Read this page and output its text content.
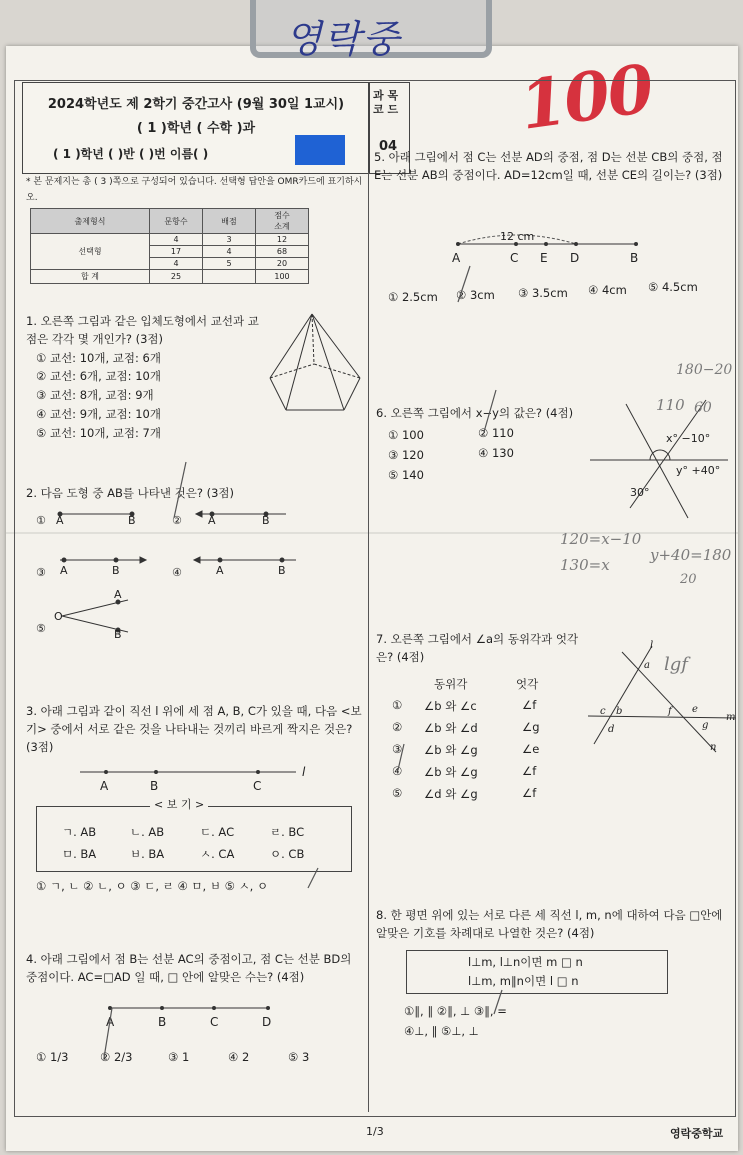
영락중
100
2024학년도 제 2학기 중간고사 (9월 30일 1교시)
( 1 )학년 ( 수학 )과
( 1 )학년 ( )반 ( )번 이름( )
과 목
코 드
04
* 본 문제지는 총 ( 3 )쪽으로 구성되어 있습니다. 선택형 답안을 OMR카드에 표기하시오.
출제형식	문항수	배점	점수
소계
선택형	4	3	12
	17	4	68
	4	5	20
합 계	25		100
1. 오른쪽 그림과 같은 입체도형에서 교선과 교점은 각각 몇 개인가? (3점)
① 교선: 10개, 교점: 6개
② 교선: 6개, 교점: 10개
③ 교선: 8개, 교점: 9개
④ 교선: 9개, 교점: 10개
⑤ 교선: 10개, 교점: 7개
2. 다음 도형 중 AB를 나타낸 것은? (3점)
① A	B	② A	B
③ A	B	④	A	B
⑤
O
A
B
3. 아래 그림과 같이 직선 l 위에 세 점 A, B, C가 있을 때, 다음 <보기> 중에서 서로 같은 것을 나타내는 것끼리 바르게 짝지은 것은? (3점)
A	B	C
l
< 보 기 >
ㄱ. AB	ㄴ. AB	ㄷ. AC	ㄹ. BC
ㅁ. BA	ㅂ. BA	ㅅ. CA	ㅇ. CB
① ㄱ, ㄴ ② ㄴ, ㅇ ③ ㄷ, ㄹ ④ ㅁ, ㅂ ⑤ ㅅ, ㅇ
4. 아래 그림에서 점 B는 선분 AC의 중점이고, 점 C는 선분 BD의 중점이다. AC=□AD 일 때, □ 안에 알맞은 수는? (4점)
A	B	C	D
① 1/3	② 2/3	③ 1	④ 2	⑤ 3
5. 아래 그림에서 점 C는 선분 AD의 중점, 점 D는 선분 CB의 중점, 점 E는 선분 AB의 중점이다. AD=12cm일 때, 선분 CE의 길이는? (3점)
12 cm
A	C E D	B
① 2.5cm ② 3cm ③ 3.5cm ④ 4cm ⑤ 4.5cm
6. 오른쪽 그림에서 x−y의 값은? (4점)
① 100	② 110
③ 120	④ 130
⑤ 140
x° −10°
y° +40°
30°
7. 오른쪽 그림에서 ∠a의 동위각과 엇각은? (4점)
동위각	엇각
① ∠b 와 ∠c	∠f
② ∠b 와 ∠d	∠g
③ ∠b 와 ∠g	∠e
④ ∠b 와 ∠g	∠f
⑤ ∠d 와 ∠g	∠f
l
a
b
c
d
e
f
g
m
n
8. 한 평면 위에 있는 서로 다른 세 직선 l, m, n에 대하여 다음 □안에 알맞은 기호를 차례대로 나열한 것은? (4점)
l⊥m, l⊥n이면 m □ n
l⊥m, m∥n이면 l □ n
①∥, ∥ ②∥, ⊥ ③∥, =
④⊥, ∥ ⑤⊥, ⊥
120=x−10
130=x
y+40=180
20
180−20
110 60
lgf
1/3	영락중학교
